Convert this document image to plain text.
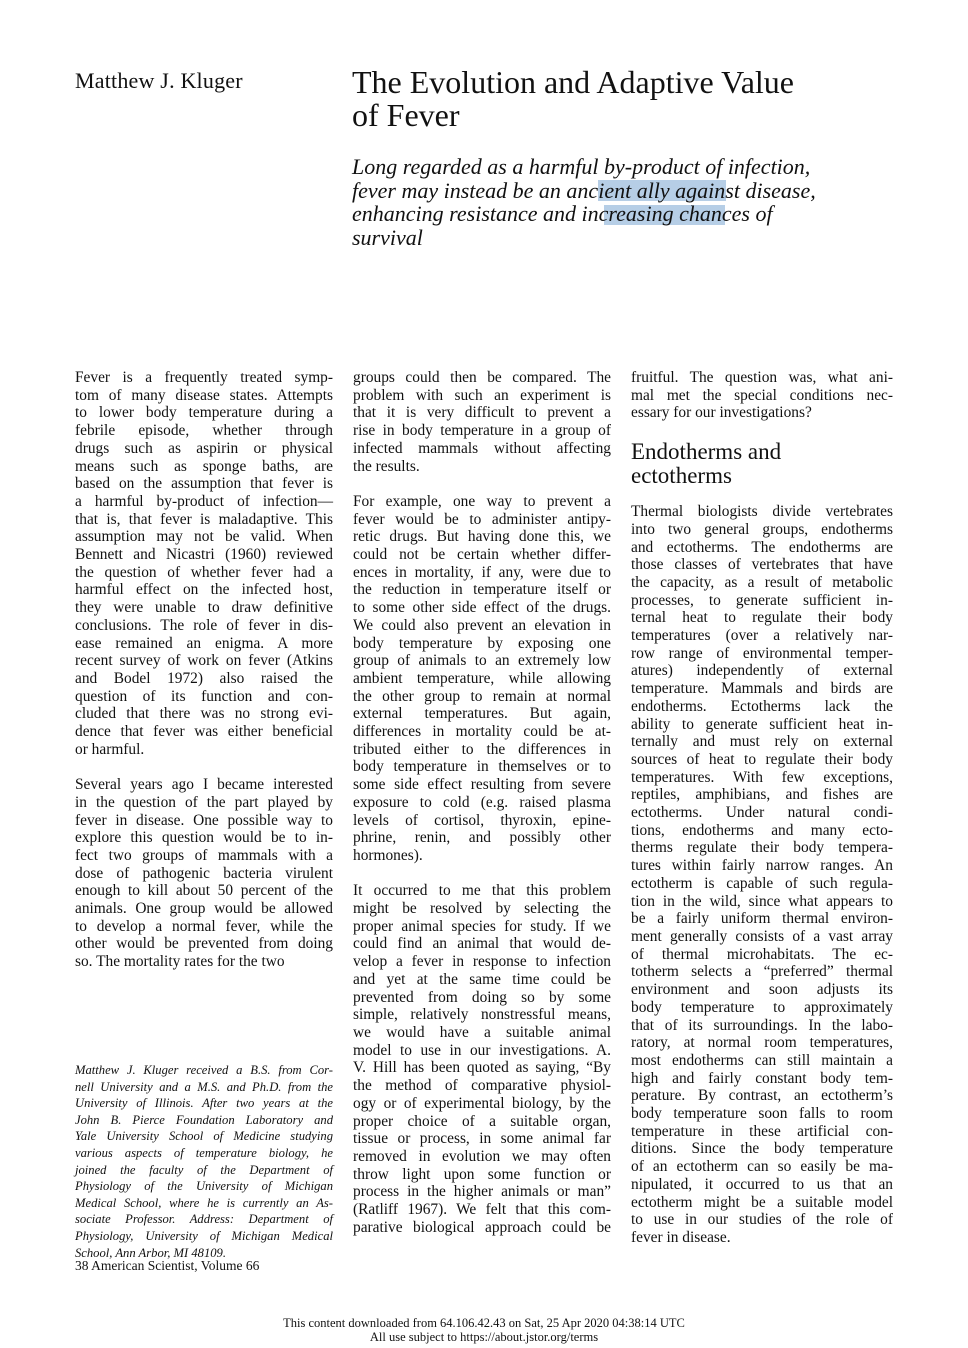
Matthew J. Kluger	The Evolution and Adaptive Value
of Fever
Long regarded as a harmful by-product of infection,
fever may instead be an ancient ally against disease,
enhancing resistance and increasing chances of
survival
Fever is a frequently treated symp-
tom of many disease states. Attempts
to lower body temperature during a
febrile episode, whether through
drugs such as aspirin or physical
means such as sponge baths, are
based on the assumption that fever is
a harmful by-product of infection—
that is, that fever is maladaptive. This
assumption may not be valid. When
Bennett and Nicastri (1960) reviewed
the question of whether fever had a
harmful effect on the infected host,
they were unable to draw definitive
conclusions. The role of fever in dis-
ease remained an enigma. A more
recent survey of work on fever (Atkins
and Bodel 1972) also raised the
question of its function and con-
cluded that there was no strong evi-
dence that fever was either beneficial
or harmful.
Several years ago I became interested
in the question of the part played by
fever in disease. One possible way to
explore this question would be to in-
fect two groups of mammals with a
dose of pathogenic bacteria virulent
enough to kill about 50 percent of the
animals. One group would be allowed
to develop a normal fever, while the
other would be prevented from doing
so. The mortality rates for the two
groups could then be compared. The
problem with such an experiment is
that it is very difficult to prevent a
rise in body temperature in a group of
infected mammals without affecting
the results.
For example, one way to prevent a
fever would be to administer antipy-
retic drugs. But having done this, we
could not be certain whether differ-
ences in mortality, if any, were due to
the reduction in temperature itself or
to some other side effect of the drugs.
We could also prevent an elevation in
body temperature by exposing one
group of animals to an extremely low
ambient temperature, while allowing
the other group to remain at normal
external temperatures. But again,
differences in mortality could be at-
tributed either to the differences in
body temperature in themselves or to
some side effect resulting from severe
exposure to cold (e.g. raised plasma
levels of cortisol, thyroxin, epine-
phrine, renin, and possibly other
hormones).
It occurred to me that this problem
might be resolved by selecting the
proper animal species for study. If we
could find an animal that would de-
velop a fever in response to infection
and yet at the same time could be
prevented from doing so by some
simple, relatively nonstressful means,
we would have a suitable animal
model to use in our investigations. A.
V. Hill has been quoted as saying, “By
the method of comparative physiol-
ogy or of experimental biology, by the
proper choice of a suitable organ,
tissue or process, in some animal far
removed in evolution we may often
throw light upon some function or
process in the higher animals or man”
(Ratliff 1967). We felt that this com-
parative biological approach could be
fruitful. The question was, what ani-
mal met the special conditions nec-
essary for our investigations?
Endotherms and
ectotherms
Thermal biologists divide vertebrates
into two general groups, endotherms
and ectotherms. The endotherms are
those classes of vertebrates that have
the capacity, as a result of metabolic
processes, to generate sufficient in-
ternal heat to regulate their body
temperatures (over a relatively nar-
row range of environmental temper-
atures) independently of external
temperature. Mammals and birds are
endotherms. Ectotherms lack the
ability to generate sufficient heat in-
ternally and must rely on external
sources of heat to regulate their body
temperatures. With few exceptions,
reptiles, amphibians, and fishes are
ectotherms. Under natural condi-
tions, endotherms and many ecto-
therms regulate their body tempera-
tures within fairly narrow ranges. An
ectotherm is capable of such regula-
tion in the wild, since what appears to
be a fairly uniform thermal environ-
ment generally consists of a vast array
of thermal microhabitats. The ec-
totherm selects a “preferred” thermal
environment and soon adjusts its
body temperature to approximately
that of its surroundings. In the labo-
ratory, at normal room temperatures,
most endotherms can still maintain a
high and fairly constant body tem-
perature. By contrast, an ectotherm’s
body temperature soon falls to room
temperature in these artificial con-
ditions. Since the body temperature
of an ectotherm can so easily be ma-
nipulated, it occurred to us that an
ectotherm might be a suitable model
to use in our studies of the role of
fever in disease.
Matthew J. Kluger received a B.S. from Cor-
nell University and a M.S. and Ph.D. from the
University of Illinois. After two years at the
John B. Pierce Foundation Laboratory and
Yale University School of Medicine studying
various aspects of temperature biology, he
joined the faculty of the Department of
Physiology of the University of Michigan
Medical School, where he is currently an As-
sociate Professor. Address: Department of
Physiology, University of Michigan Medical
School, Ann Arbor, MI 48109.
38 American Scientist, Volume 66
This content downloaded from 64.106.42.43 on Sat, 25 Apr 2020 04:38:14 UTC
All use subject to https://about.jstor.org/terms
